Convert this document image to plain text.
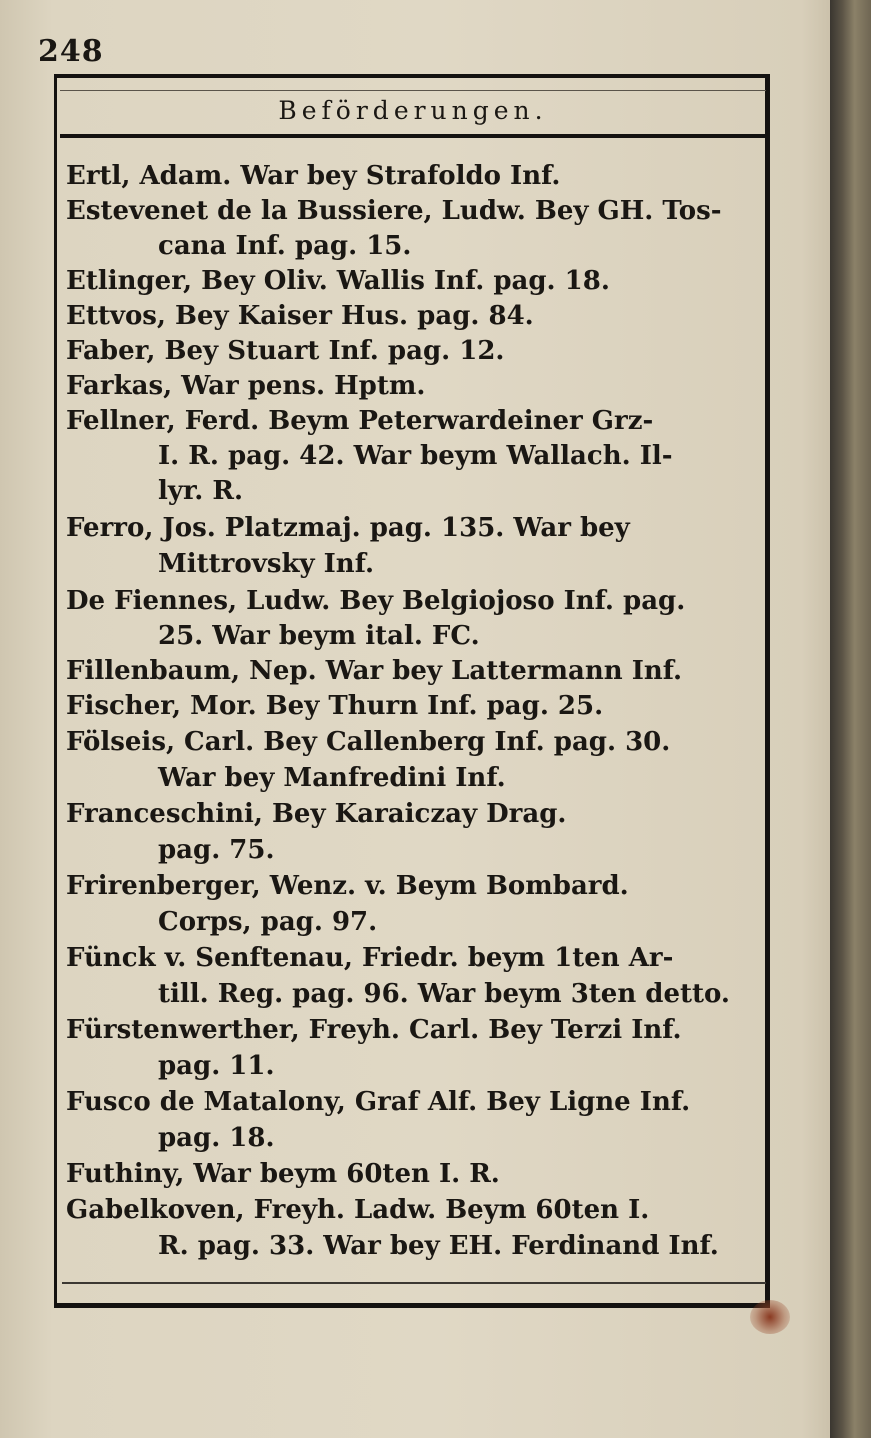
248
Beförderungen.
Ertl, Adam. War bey Strafoldo Inf.
Estevenet de la Bussiere, Ludw. Bey GH. Tos-
cana Inf. pag. 15.
Etlinger, Bey Oliv. Wallis Inf. pag. 18.
Ettvos, Bey Kaiser Hus. pag. 84.
Faber, Bey Stuart Inf. pag. 12.
Farkas, War pens. Hptm.
Fellner, Ferd. Beym Peterwardeiner Grz-
I. R. pag. 42. War beym Wallach. Il-
lyr. R.
Ferro, Jos. Platzmaj. pag. 135. War bey
Mittrovsky Inf.
De Fiennes, Ludw. Bey Belgiojoso Inf. pag.
25. War beym ital. FC.
Fillenbaum, Nep. War bey Lattermann Inf.
Fischer, Mor. Bey Thurn Inf. pag. 25.
Fölseis, Carl. Bey Callenberg Inf. pag. 30.
War bey Manfredini Inf.
Franceschini, Bey Karaiczay Drag.
pag. 75.
Frirenberger, Wenz. v. Beym Bombard.
Corps, pag. 97.
Fünck v. Senftenau, Friedr. beym 1ten Ar-
till. Reg. pag. 96. War beym 3ten detto.
Fürstenwerther, Freyh. Carl. Bey Terzi Inf.
pag. 11.
Fusco de Matalony, Graf Alf. Bey Ligne Inf.
pag. 18.
Futhiny, War beym 60ten I. R.
Gabelkoven, Freyh. Ladw. Beym 60ten I.
R. pag. 33. War bey EH. Ferdinand Inf.
